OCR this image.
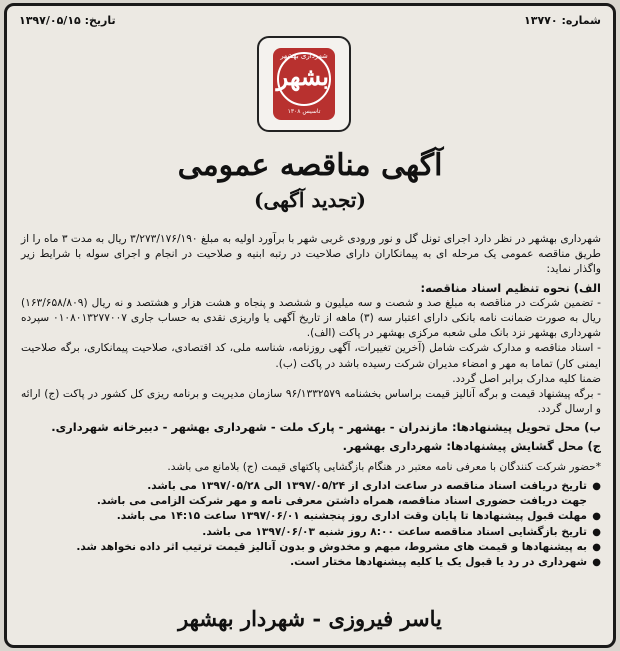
شماره: ۱۳۷۷۰
تاریخ: ۱۳۹۷/۰۵/۱۵
شهرداری بهشهر
بشهر
تاسیس ۱۳۰۸
آگهی مناقصه عمومی
(تجدید آگهی)

شهرداری بهشهر در نظر دارد اجرای تونل گل و نور ورودی غربی شهر با برآورد اولیه به مبلغ ۳/۲۷۳/۱۷۶/۱۹۰ ریال به مدت ۳ ماه را از طریق مناقصه عمومی یک مرحله ای به پیمانکاران دارای صلاحیت در رتبه ابنیه و صلاحیت در انجام و اجرای سوله با شرایط زیر واگذار نماید:

الف) نحوه تنظیم اسناد مناقصه:

- تضمین شرکت در مناقصه به مبلغ صد و شصت و سه میلیون و ششصد و پنجاه و هشت هزار و هشتصد و نه ریال (۱۶۳/۶۵۸/۸۰۹) ریال به صورت ضمانت نامه بانکی دارای اعتبار سه (۳) ماهه از تاریخ آگهی یا واریزی نقدی به حساب جاری ۰۱۰۸۰۱۳۲۷۷۰۰۷ سپرده شهرداری بهشهر نزد بانک ملی شعبه مرکزی بهشهر در پاکت (الف).

- اسناد مناقصه و مدارک شرکت شامل (آخرین تغییرات، آگهی روزنامه، شناسه ملی، کد اقتصادی، صلاحیت پیمانکاری، برگه صلاحیت ایمنی کار) تماما به مهر و امضاء مدیران شرکت رسیده باشد در پاکت (ب).

ضمنا کلیه مدارک برابر اصل گردد.

- برگه پیشنهاد قیمت و برگه آنالیز قیمت براساس بخشنامه ۹۶/۱۳۳۲۵۷۹ سازمان مدیریت و برنامه ریزی کل کشور در پاکت (ج) ارائه و ارسال گردد.

ب) محل تحویل پیشنهادها: مازندران - بهشهر - پارک ملت - شهرداری بهشهر - دبیرخانه شهرداری.

ج) محل گشایش پیشنهادها: شهرداری بهشهر.

*حضور شرکت کنندگان با معرفی نامه معتبر در هنگام بازگشایی پاکتهای قیمت (ج) بلامانع می باشد.

● تاریخ دریافت اسناد مناقصه در ساعت اداری از ۱۳۹۷/۰۵/۲۴ الی ۱۳۹۷/۰۵/۲۸ می باشد.

جهت دریافت حضوری اسناد مناقصه، همراه داشتن معرفی نامه و مهر شرکت الزامی می باشد.

● مهلت قبول پیشنهادها تا پایان وقت اداری روز پنجشنبه ۱۳۹۷/۰۶/۰۱ ساعت ۱۴:۱۵ می باشد.
● تاریخ بازگشایی اسناد مناقصه ساعت ۸:۰۰ روز شنبه ۱۳۹۷/۰۶/۰۳ می باشد.
● به پیشنهادها و قیمت های مشروط، مبهم و مخدوش و بدون آنالیز قیمت ترتیب اثر داده نخواهد شد.
● شهرداری در رد یا قبول یک یا کلیه پیشنهادها مختار است.
یاسر فیروزی - شهردار بهشهر
